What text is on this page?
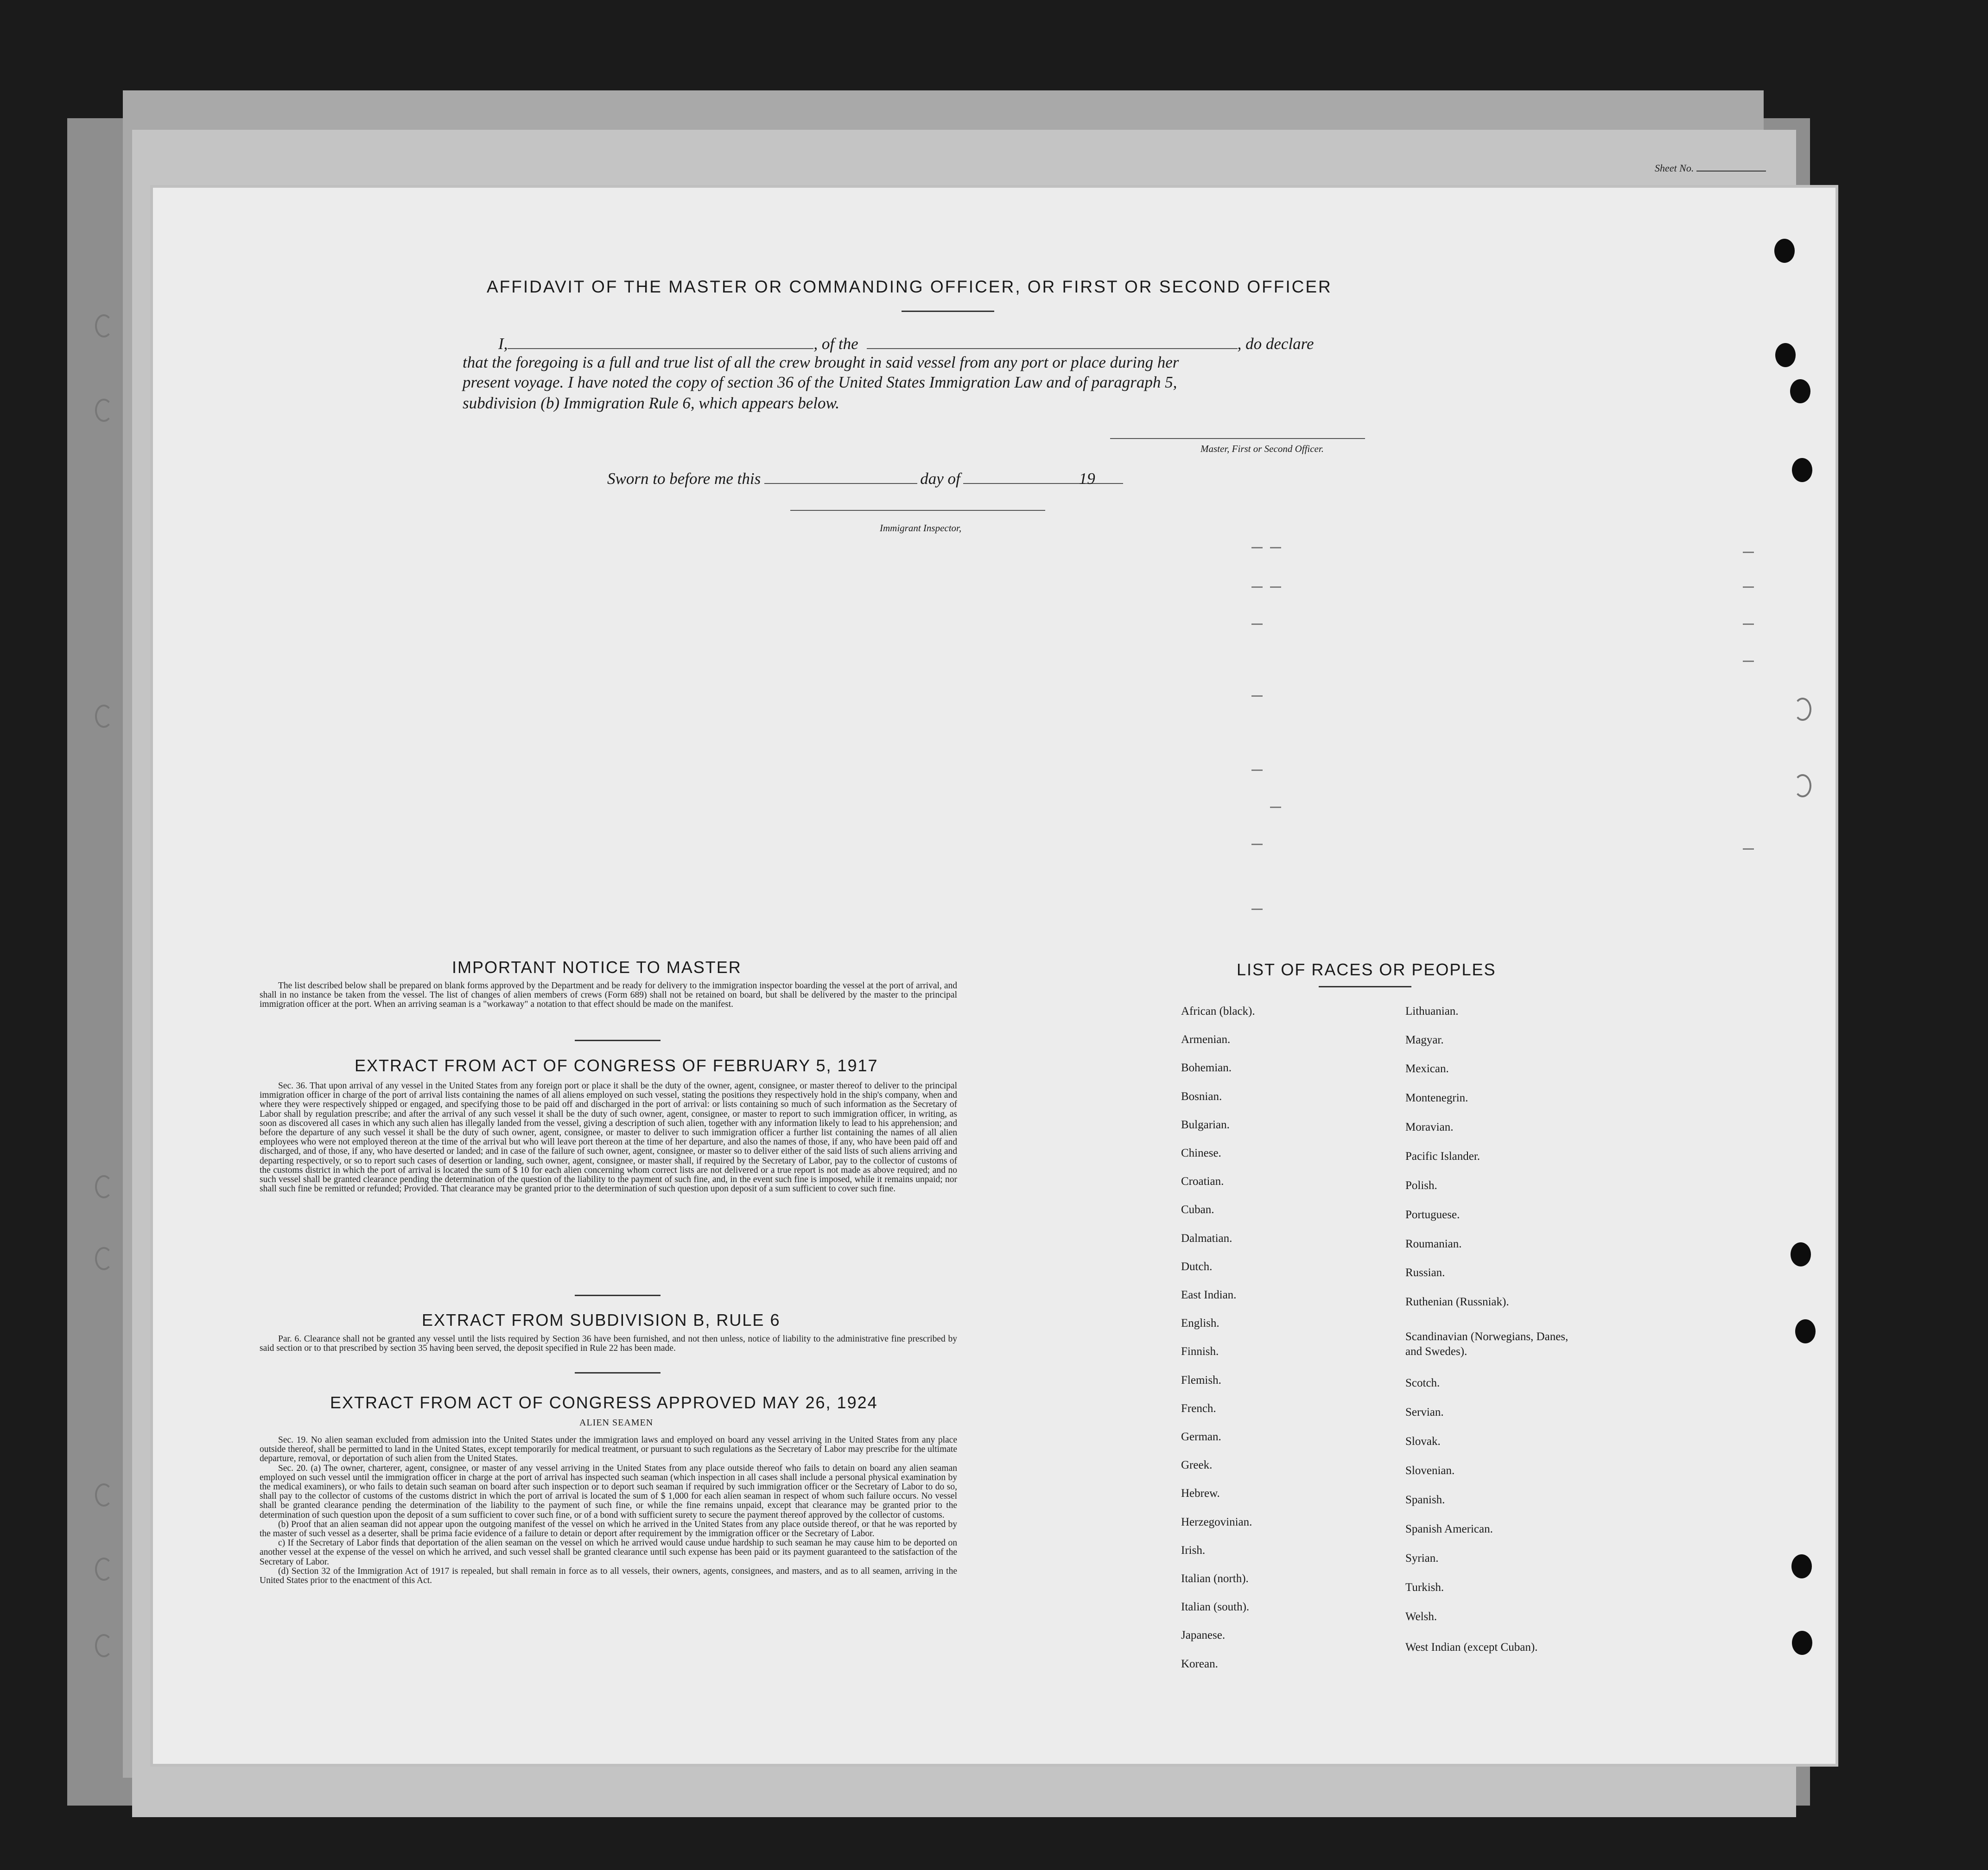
Sheet No.
AFFIDAVIT OF THE MASTER OR COMMANDING OFFICER, OR FIRST OR SECOND OFFICER
I,	, of the	, do declare
that the foregoing is a full and true list of all the crew brought in said vessel from any port or place during her
present voyage. I have noted the copy of section 36 of the United States Immigration Law and of paragraph 5,
subdivision (b) Immigration Rule 6, which appears below.
Master, First or Second Officer.
Sworn to before me this	day of	19
Immigrant Inspector,
IMPORTANT NOTICE TO MASTER

The list described below shall be prepared on blank forms approved by the Department and be ready for delivery to the immigration inspector boarding the vessel at the port of arrival, and shall in no instance be taken from the vessel. The list of changes of alien members of crews (Form 689) shall not be retained on board, but shall be delivered by the master to the principal immigration officer at the port. When an arriving seaman is a "workaway" a notation to that effect should be made on the manifest.

EXTRACT FROM ACT OF CONGRESS OF FEBRUARY 5, 1917

Sec. 36. That upon arrival of any vessel in the United States from any foreign port or place it shall be the duty of the owner, agent, consignee, or master thereof to deliver to the principal immigration officer in charge of the port of arrival lists containing the names of all aliens employed on such vessel, stating the positions they respectively hold in the ship's company, when and where they were respectively shipped or engaged, and specifying those to be paid off and discharged in the port of arrival: or lists containing so much of such information as the Secretary of Labor shall by regulation prescribe; and after the arrival of any such vessel it shall be the duty of such owner, agent, consignee, or master to report to such immigration officer, in writing, as soon as discovered all cases in which any such alien has illegally landed from the vessel, giving a description of such alien, together with any information likely to lead to his apprehension; and before the departure of any such vessel it shall be the duty of such owner, agent, consignee, or master to deliver to such immigration officer a further list containing the names of all alien employees who were not employed thereon at the time of the arrival but who will leave port thereon at the time of her departure, and also the names of those, if any, who have been paid off and discharged, and of those, if any, who have deserted or landed; and in case of the failure of such owner, agent, consignee, or master so to deliver either of the said lists of such aliens arriving and departing respectively, or so to report such cases of desertion or landing, such owner, agent, consignee, or master shall, if required by the Secretary of Labor, pay to the collector of customs of the customs district in which the port of arrival is located the sum of $ 10 for each alien concerning whom correct lists are not delivered or a true report is not made as above required; and no such vessel shall be granted clearance pending the determination of the question of the liability to the payment of such fine, and, in the event such fine is imposed, while it remains unpaid; nor shall such fine be remitted or refunded; Provided. That clearance may be granted prior to the determination of such question upon deposit of a sum sufficient to cover such fine.

EXTRACT FROM SUBDIVISION B, RULE 6

Par. 6. Clearance shall not be granted any vessel until the lists required by Section 36 have been furnished, and not then unless, notice of liability to the administrative fine prescribed by said section or to that prescribed by section 35 having been served, the deposit specified in Rule 22 has been made.

EXTRACT FROM ACT OF CONGRESS APPROVED MAY 26, 1924
ALIEN SEAMEN

Sec. 19. No alien seaman excluded from admission into the United States under the immigration laws and employed on board any vessel arriving in the United States from any place outside thereof, shall be permitted to land in the United States, except temporarily for medical treatment, or pursuant to such regulations as the Secretary of Labor may prescribe for the ultimate departure, removal, or deportation of such alien from the United States.

Sec. 20. (a) The owner, charterer, agent, consignee, or master of any vessel arriving in the United States from any place outside thereof who fails to detain on board any alien seaman employed on such vessel until the immigration officer in charge at the port of arrival has inspected such seaman (which inspection in all cases shall include a personal physical examination by the medical examiners), or who fails to detain such seaman on board after such inspection or to deport such seaman if required by such immigration officer or the Secretary of Labor to do so, shall pay to the collector of customs of the customs district in which the port of arrival is located the sum of $ 1,000 for each alien seaman in respect of whom such failure occurs. No vessel shall be granted clearance pending the determination of the liability to the payment of such fine, or while the fine remains unpaid, except that clearance may be granted prior to the determination of such question upon the deposit of a sum sufficient to cover such fine, or of a bond with sufficient surety to secure the payment thereof approved by the collector of customs.

(b) Proof that an alien seaman did not appear upon the outgoing manifest of the vessel on which he arrived in the United States from any place outside thereof, or that he was reported by the master of such vessel as a deserter, shall be prima facie evidence of a failure to detain or deport after requirement by the immigration officer or the Secretary of Labor.

c) If the Secretary of Labor finds that deportation of the alien seaman on the vessel on which he arrived would cause undue hardship to such seaman he may cause him to be deported on another vessel at the expense of the vessel on which he arrived, and such vessel shall be granted clearance until such expense has been paid or its payment guaranteed to the satisfaction of the Secretary of Labor.

(d) Section 32 of the Immigration Act of 1917 is repealed, but shall remain in force as to all vessels, their owners, agents, consignees, and masters, and as to all seamen, arriving in the United States prior to the enactment of this Act.

LIST OF RACES OR PEOPLES
African (black).
Armenian.
Bohemian.
Bosnian.
Bulgarian.
Chinese.
Croatian.
Cuban.
Dalmatian.
Dutch.
East Indian.
English.
Finnish.
Flemish.
French.
German.
Greek.
Hebrew.
Herzegovinian.
Irish.
Italian (north).
Italian (south).
Japanese.
Korean.
Lithuanian.
Magyar.
Mexican.
Montenegrin.
Moravian.
Pacific Islander.
Polish.
Portuguese.
Roumanian.
Russian.
Ruthenian (Russniak).
Scandinavian (Norwegians, Danes, and Swedes).
Scotch.
Servian.
Slovak.
Slovenian.
Spanish.
Spanish American.
Syrian.
Turkish.
Welsh.
West Indian (except Cuban).
